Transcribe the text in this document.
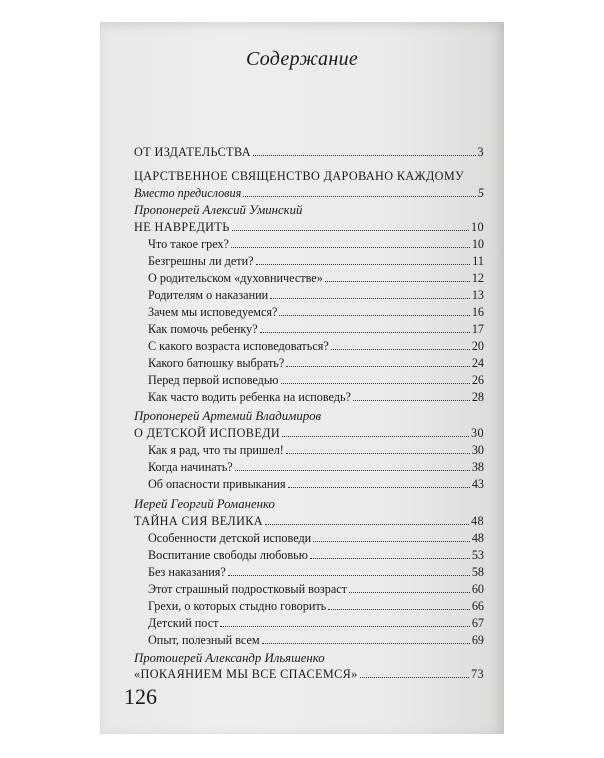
Содержание
ОТ ИЗДАТЕЛЬСТВА	3
ЦАРСТВЕННОЕ СВЯЩЕНСТВО ДАРОВАНО КАЖДОМУ
Вместо предисловия	5
Пропонерей Алексий Уминский
НЕ НАВРЕДИТЬ	10
Что такое грех?	10
Безгрешны ли дети?	11
О родительском «духовничестве»	12
Родителям о наказании	13
Зачем мы исповедуемся?	16
Как помочь ребенку?	17
С какого возраста исповедоваться?	20
Какого батюшку выбрать?	24
Перед первой исповедью	26
Как часто водить ребенка на исповедь?	28
Пропонерей Артемий Владимиров
О ДЕТСКОЙ ИСПОВЕДИ	30
Как я рад, что ты пришел!	30
Когда начинать?	38
Об опасности привыкания	43
Иерей Георгий Романенко
ТАЙНА СИЯ ВЕЛИКА	48
Особенности детской исповеди	48
Воспитание свободы любовью	53
Без наказания?	58
Этот страшный подростковый возраст	60
Грехи, о которых стыдно говорить	66
Детский пост	67
Опыт, полезный всем	69
Протоиерей Александр Ильяшенко
«ПОКАЯНИЕМ МЫ ВСЕ СПАСЕМСЯ»	73
126
